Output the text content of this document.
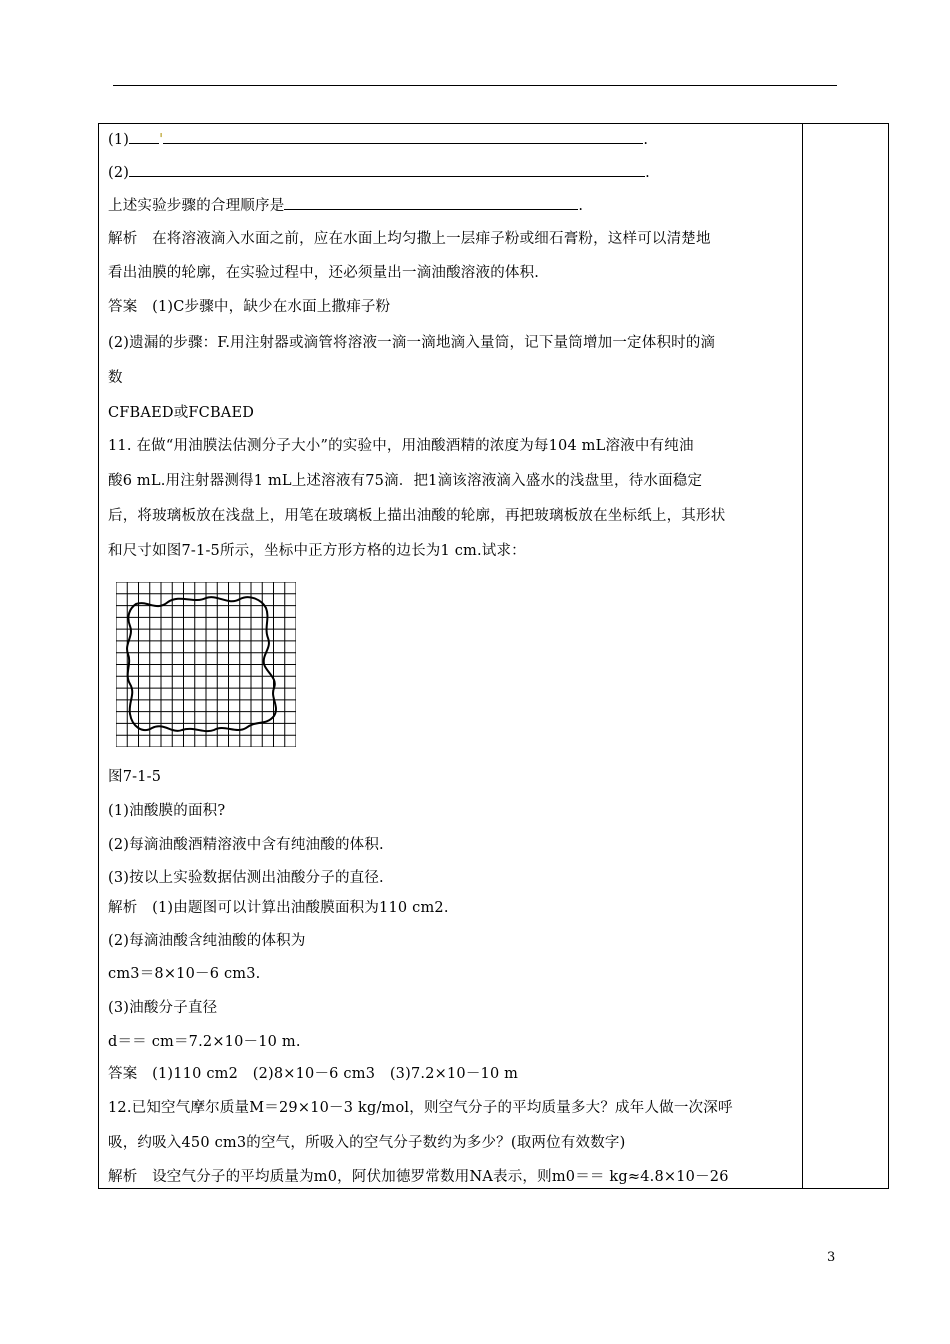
(1) '	.
(2)	.
上述实验步骤的合理顺序是	.
解析　在将溶液滴入水面之前，应在水面上均匀撒上一层痱子粉或细石膏粉，这样可以清楚地
看出油膜的轮廓，在实验过程中，还必须量出一滴油酸溶液的体积.
答案　(1)C步骤中，缺少在水面上撒痱子粉
(2)遗漏的步骤：F.用注射器或滴管将溶液一滴一滴地滴入量筒，记下量筒增加一定体积时的滴
数
CFBAED或FCBAED
11. 在做“用油膜法估测分子大小”的实验中，用油酸酒精的浓度为每104 mL溶液中有纯油
酸6 mL.用注射器测得1 mL上述溶液有75滴．把1滴该溶液滴入盛水的浅盘里，待水面稳定
后，将玻璃板放在浅盘上，用笔在玻璃板上描出油酸的轮廓，再把玻璃板放在坐标纸上，其形状
和尺寸如图7-1-5所示，坐标中正方形方格的边长为1 cm.试求：
图7-1-5
(1)油酸膜的面积?
(2)每滴油酸酒精溶液中含有纯油酸的体积.
(3)按以上实验数据估测出油酸分子的直径.
解析　(1)由题图可以计算出油酸膜面积为110 cm2.
(2)每滴油酸含纯油酸的体积为
cm3＝8×10－6 cm3.
(3)油酸分子直径
d＝＝ cm＝7.2×10－10 m.
答案　(1)110 cm2　(2)8×10－6 cm3　(3)7.2×10－10 m
12.已知空气摩尔质量M＝29×10－3 kg/mol，则空气分子的平均质量多大？成年人做一次深呼
吸，约吸入450 cm3的空气，所吸入的空气分子数约为多少？(取两位有效数字)
解析　设空气分子的平均质量为m0，阿伏加德罗常数用NA表示，则m0＝＝ kg≈4.8×10－26
3
